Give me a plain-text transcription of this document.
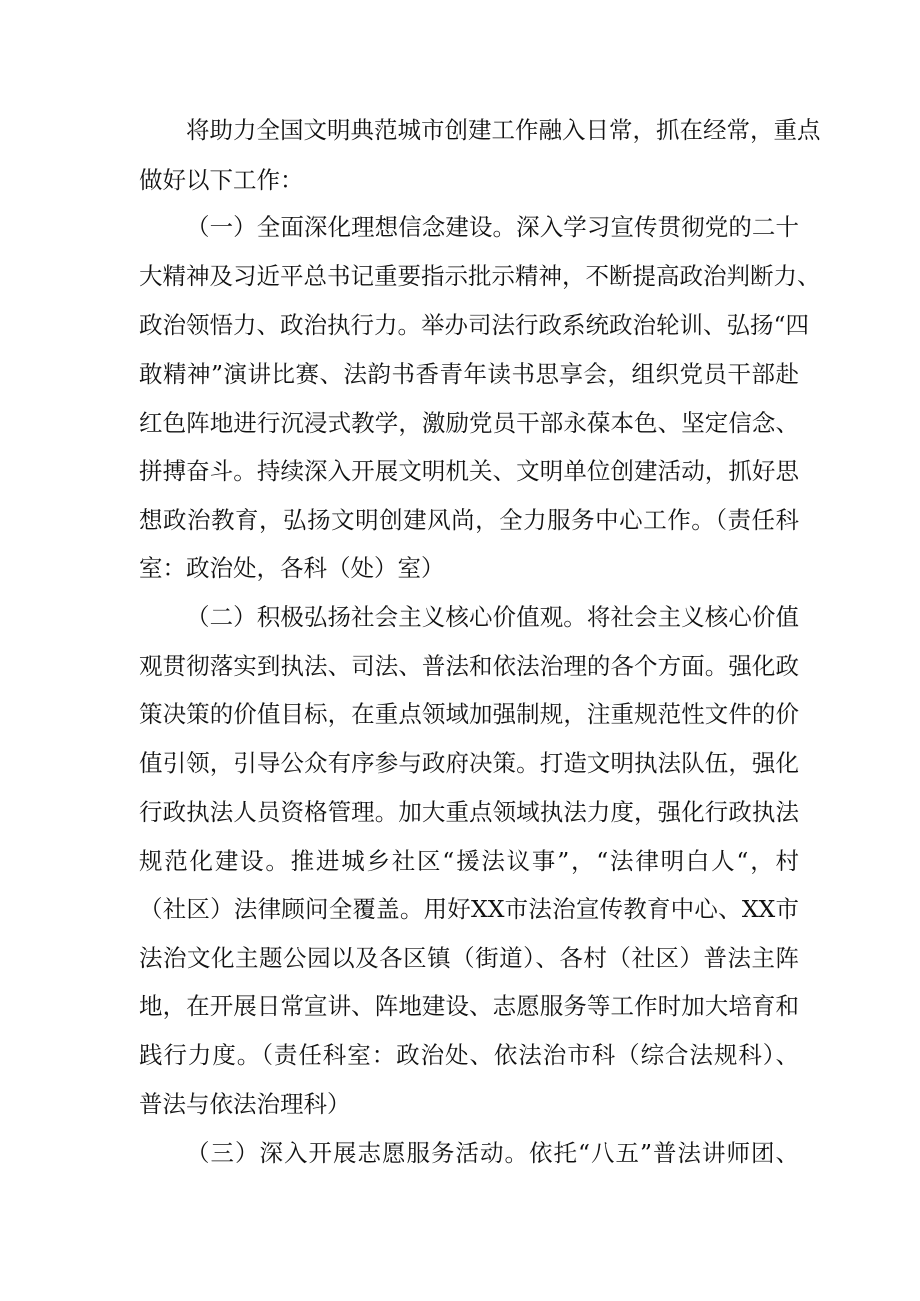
将助力全国文明典范城市创建工作融入日常，抓在经常，重点
做好以下工作：
（一）全面深化理想信念建设。深入学习宣传贯彻党的二十
大精神及习近平总书记重要指示批示精神，不断提高政治判断力、
政治领悟力、政治执行力。举办司法行政系统政治轮训、弘扬“四
敢精神”演讲比赛、法韵书香青年读书思享会，组织党员干部赴
红色阵地进行沉浸式教学，激励党员干部永葆本色、坚定信念、
拼搏奋斗。持续深入开展文明机关、文明单位创建活动，抓好思
想政治教育，弘扬文明创建风尚，全力服务中心工作。（责任科
室：政治处，各科（处）室）
（二）积极弘扬社会主义核心价值观。将社会主义核心价值
观贯彻落实到执法、司法、普法和依法治理的各个方面。强化政
策决策的价值目标，在重点领域加强制规，注重规范性文件的价
值引领，引导公众有序参与政府决策。打造文明执法队伍，强化
行政执法人员资格管理。加大重点领域执法力度，强化行政执法
规范化建设。推进城乡社区“援法议事”，“法律明白人“，村
（社区）法律顾问全覆盖。用好XX市法治宣传教育中心、XX市
法治文化主题公园以及各区镇（街道）、各村（社区）普法主阵
地，在开展日常宣讲、阵地建设、志愿服务等工作时加大培育和
践行力度。（责任科室：政治处、依法治市科（综合法规科）、
普法与依法治理科）
（三）深入开展志愿服务活动。依托“八五”普法讲师团、
